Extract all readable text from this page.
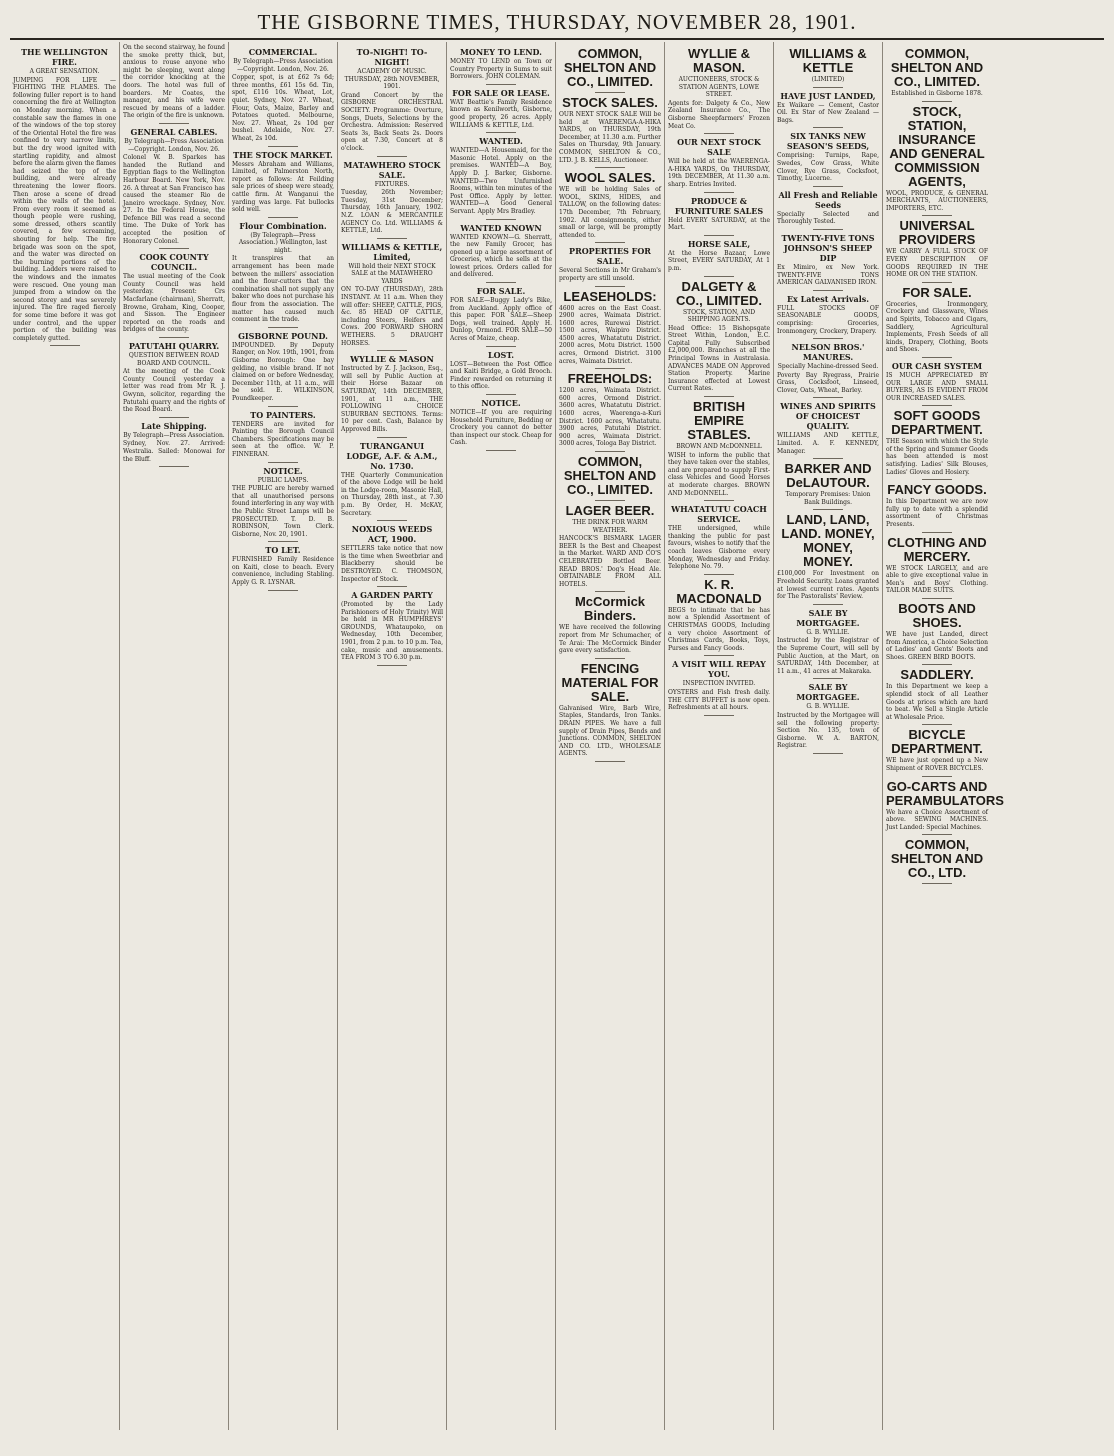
THE GISBORNE TIMES, THURSDAY, NOVEMBER 28, 1901.
THE WELLINGTON FIRE.
A GREAT SENSATION.
JUMPING FOR LIFE — FIGHTING THE FLAMES. The following fuller report is to hand concerning the fire at Wellington on Monday morning. When a constable saw the flames in one of the windows of the top storey of the Oriental Hotel the fire was confined to very narrow limits, but the dry wood ignited with startling rapidity, and almost before the alarm given the flames had seized the top of the building, and were already threatening the lower floors. Then arose a scene of dread within the walls of the hotel. From every room it seemed as though people were rushing, some dressed, others scantily covered, a few screaming, shouting for help. The fire brigade was soon on the spot, and the water was directed on the burning portions of the building. Ladders were raised to the windows and the inmates were rescued. One young man jumped from a window on the second storey and was severely injured. The fire raged fiercely for some time before it was got under control, and the upper portion of the building was completely gutted.
On the second stairway, he found the smoke pretty thick, but, anxious to rouse anyone who might be sleeping, went along the corridor knocking at the doors. The hotel was full of boarders. Mr Coates, the manager, and his wife were rescued by means of a ladder. The origin of the fire is unknown.
GENERAL CABLES.
By Telegraph—Press Association—Copyright. London, Nov. 26.
Colonel W. B. Sparkes has handed the Rutland and Egyptian flags to the Wellington Harbour Board. New York, Nov. 26. A threat at San Francisco has caused the steamer Rio de Janeiro wreckage. Sydney, Nov. 27. In the Federal House, the Defence Bill was read a second time. The Duke of York has accepted the position of Honorary Colonel.
COOK COUNTY COUNCIL.
The usual meeting of the Cook County Council was held yesterday. Present: Crs Macfarlane (chairman), Sherratt, Browne, Graham, King, Cooper, and Sisson. The Engineer reported on the roads and bridges of the county.
PATUTAHI QUARRY.
QUESTION BETWEEN ROAD BOARD AND COUNCIL.
At the meeting of the Cook County Council yesterday a letter was read from Mr R. J. Gwynn, solicitor, regarding the Patutahi quarry and the rights of the Road Board.
Late Shipping.
By Telegraph—Press Association.
Sydney, Nov. 27. Arrived: Westralia. Sailed: Monowai for the Bluff.
COMMERCIAL.
By Telegraph—Press Association—Copyright. London, Nov. 26.
Copper, spot, is at £62 7s 6d; three months, £61 15s 6d. Tin, spot, £116 10s. Wheat, Lot, quiet. Sydney, Nov. 27. Wheat, Flour, Oats, Maize, Barley and Potatoes quoted. Melbourne, Nov. 27. Wheat, 2s 10d per bushel. Adelaide, Nov. 27. Wheat, 2s 10d.
THE STOCK MARKET.
Messrs Abraham and Williams, Limited, of Palmerston North, report as follows: At Feilding sale prices of sheep were steady, cattle firm. At Wanganui the yarding was large. Fat bullocks sold well.
Flour Combination.
(By Telegraph—Press Association.) Wellington, last night.
It transpires that an arrangement has been made between the millers' association and the flour-cutters that the combination shall not supply any baker who does not purchase his flour from the association. The matter has caused much comment in the trade.
GISBORNE POUND.
IMPOUNDED. By Deputy Ranger, on Nov. 19th, 1901, from Gisborne Borough: One bay gelding, no visible brand. If not claimed on or before Wednesday, December 11th, at 11 a.m., will be sold. E. WILKINSON, Poundkeeper.
TO PAINTERS.
TENDERS are invited for Painting the Borough Council Chambers. Specifications may be seen at the office. W. P. FINNERAN.
NOTICE.
PUBLIC LAMPS.
THE PUBLIC are hereby warned that all unauthorised persons found interfering in any way with the Public Street Lamps will be PROSECUTED. T. D. B. ROBINSON, Town Clerk. Gisborne, Nov. 20, 1901.
TO LET.
FURNISHED Family Residence on Kaiti, close to beach. Every convenience, including Stabling. Apply G. R. LYSNAR.
TO-NIGHT! TO-NIGHT!
ACADEMY OF MUSIC. THURSDAY, 28th NOVEMBER, 1901.
Grand Concert by the GISBORNE ORCHESTRAL SOCIETY. Programme: Overture, Songs, Duets, Selections by the Orchestra. Admission: Reserved Seats 3s, Back Seats 2s. Doors open at 7.30, Concert at 8 o'clock.
MATAWHERO STOCK SALE.
FIXTURES.
Tuesday, 26th November; Tuesday, 31st December; Thursday, 16th January, 1902. N.Z. LOAN & MERCANTILE AGENCY Co. Ltd. WILLIAMS & KETTLE, Ltd.
WILLIAMS & KETTLE, Limited,
Will hold their NEXT STOCK SALE at the MATAWHERO YARDS
ON TO-DAY (THURSDAY), 28th INSTANT. At 11 a.m. When they will offer: SHEEP, CATTLE, PIGS, &c. 85 HEAD OF CATTLE, including Steers, Heifers and Cows. 200 FORWARD SHORN WETHERS. 5 DRAUGHT HORSES.
WYLLIE & MASON
Instructed by Z. J. Jackson, Esq., will sell by Public Auction at their Horse Bazaar on SATURDAY, 14th DECEMBER, 1901, at 11 a.m., THE FOLLOWING CHOICE SUBURBAN SECTIONS. Terms: 10 per cent. Cash, Balance by Approved Bills.
TURANGANUI LODGE, A.F. & A.M., No. 1730.
THE Quarterly Communication of the above Lodge will be held in the Lodge-room, Masonic Hall, on Thursday, 28th inst., at 7.30 p.m. By Order, H. McKAY, Secretary.
NOXIOUS WEEDS ACT, 1900.
SETTLERS take notice that now is the time when Sweetbriar and Blackberry should be DESTROYED. C. THOMSON, Inspector of Stock.
A GARDEN PARTY
(Promoted by the Lady Parishioners of Holy Trinity) Will be held in MR HUMPHREYS' GROUNDS, Whataupoko, on Wednesday, 10th December, 1901, from 2 p.m. to 10 p.m. Tea, cake, music and amusements. TEA FROM 3 TO 6.30 p.m.
MONEY TO LEND.
MONEY TO LEND on Town or Country Property in Sums to suit Borrowers. JOHN COLEMAN.
FOR SALE OR LEASE.
WAT Beattie's Family Residence known as Kenilworth, Gisborne, good property, 26 acres. Apply WILLIAMS & KETTLE, Ltd.
WANTED.
WANTED—A Housemaid, for the Masonic Hotel. Apply on the premises. WANTED—A Boy, Apply D. J. Barker, Gisborne. WANTED—Two Unfurnished Rooms, within ten minutes of the Post Office. Apply by letter. WANTED—A Good General Servant. Apply Mrs Bradley.
WANTED KNOWN
WANTED KNOWN—G. Sherratt, the new Family Grocer, has opened up a large assortment of Groceries, which he sells at the lowest prices. Orders called for and delivered.
FOR SALE.
FOR SALE—Buggy Lady's Bike, from Auckland. Apply office of this paper. FOR SALE—Sheep Dogs, well trained. Apply H. Dunlop, Ormond. FOR SALE—50 Acres of Maize, cheap.
LOST.
LOST—Between the Post Office and Kaiti Bridge, a Gold Brooch. Finder rewarded on returning it to this office.
NOTICE.
NOTICE—If you are requiring Household Furniture, Bedding or Crockery you cannot do better than inspect our stock. Cheap for Cash.
COMMON, SHELTON AND CO., LIMITED.
STOCK SALES.
OUR NEXT STOCK SALE Will be held at WAERENGA-A-HIKA YARDS, on THURSDAY, 19th December, at 11.30 a.m. Further Sales on Thursday, 9th January. COMMON, SHELTON & CO., LTD. J. B. KELLS, Auctioneer.
WOOL SALES.
WE will be holding Sales of WOOL, SKINS, HIDES, and TALLOW, on the following dates: 17th December, 7th February, 1902. All consignments, either small or large, will be promptly attended to.
PROPERTIES FOR SALE.
Several Sections in Mr Graham's property are still unsold.
LEASEHOLDS:
4600 acres on the East Coast. 2900 acres, Waimata District. 1600 acres, Rurewai District. 1500 acres, Waipiro District. 4500 acres, Whatatutu District. 2000 acres, Motu District. 1500 acres, Ormond District. 3100 acres, Waimata District.
FREEHOLDS:
1200 acres, Waimata District. 600 acres, Ormond District. 3600 acres, Whatatutu District. 1600 acres, Waerenga-a-Kuri District. 1600 acres, Whatatutu. 3900 acres, Patutahi District. 900 acres, Waimata District. 3000 acres, Tologa Bay District.
COMMON, SHELTON AND CO., LIMITED.
LAGER BEER.
THE DRINK FOR WARM WEATHER.
HANCOCK'S BISMARK LAGER BEER Is the Best and Cheapest in the Market. WARD AND CO'S CELEBRATED Bottled Beer. READ BROS.' Dog's Head Ale. OBTAINABLE FROM ALL HOTELS.
McCormick Binders.
WE have received the following report from Mr Schumacher, of Te Arai: The McCormick Binder gave every satisfaction.
FENCING MATERIAL FOR SALE.
Galvanised Wire, Barb Wire, Staples, Standards, Iron Tanks. DRAIN PIPES. We have a full supply of Drain Pipes, Bends and Junctions. COMMON, SHELTON AND CO. LTD., WHOLESALE AGENTS.
WYLLIE & MASON.
AUCTIONEERS, STOCK & STATION AGENTS, LOWE STREET.
Agents for: Dalgety & Co., New Zealand Insurance Co., The Gisborne Sheepfarmers' Frozen Meat Co.
OUR NEXT STOCK SALE
Will be held at the WAERENGA-A-HIKA YARDS, On THURSDAY, 19th DECEMBER, At 11.30 a.m. sharp. Entries Invited.
PRODUCE & FURNITURE SALES
Held EVERY SATURDAY, at the Mart.
HORSE SALE,
At the Horse Bazaar, Lowe Street, EVERY SATURDAY, At 1 p.m.
DALGETY & CO., LIMITED.
STOCK, STATION, AND SHIPPING AGENTS.
Head Office: 15 Bishopsgate Street Within, London, E.C. Capital Fully Subscribed £2,000,000. Branches at all the Principal Towns in Australasia. ADVANCES MADE ON Approved Station Property. Marine Insurance effected at Lowest Current Rates.
BRITISH EMPIRE STABLES.
BROWN AND McDONNELL
WISH to inform the public that they have taken over the stables, and are prepared to supply First-class Vehicles and Good Horses at moderate charges. BROWN AND McDONNELL.
WHATATUTU COACH SERVICE.
THE undersigned, while thanking the public for past favours, wishes to notify that the coach leaves Gisborne every Monday, Wednesday and Friday. Telephone No. 79.
K. R. MACDONALD
BEGS to intimate that he has now a Splendid Assortment of CHRISTMAS GOODS, Including a very choice Assortment of Christmas Cards, Books, Toys, Purses and Fancy Goods.
A VISIT WILL REPAY YOU.
INSPECTION INVITED.
OYSTERS and Fish fresh daily. THE CITY BUFFET is now open. Refreshments at all hours.
WILLIAMS & KETTLE
(LIMITED)
HAVE JUST LANDED,
Ex Waikare — Cement, Castor Oil. Ex Star of New Zealand — Bags.
SIX TANKS NEW SEASON'S SEEDS,
Comprising: Turnips, Rape, Swedes, Cow Grass, White Clover, Rye Grass, Cocksfoot, Timothy, Lucerne.
All Fresh and Reliable Seeds
Specially Selected and Thoroughly Tested.
TWENTY-FIVE TONS JOHNSON'S SHEEP DIP
Ex Mimiro, ex New York. TWENTY-FIVE TONS AMERICAN GALVANISED IRON.
Ex Latest Arrivals.
FULL STOCKS OF SEASONABLE GOODS, comprising: Groceries, Ironmongery, Crockery, Drapery.
NELSON BROS.' MANURES.
Specially Machine-dressed Seed.
Poverty Bay Ryegrass, Prairie Grass, Cocksfoot, Linseed, Clover, Oats, Wheat, Barley.
WINES AND SPIRITS OF CHOICEST QUALITY.
WILLIAMS AND KETTLE, Limited. A. F. KENNEDY, Manager.
BARKER AND DeLAUTOUR.
Temporary Premises: Union Bank Buildings.
LAND, LAND, LAND. MONEY, MONEY, MONEY.
£100,000 For Investment on Freehold Security. Loans granted at lowest current rates. Agents for The Pastoralists' Review.
SALE BY MORTGAGEE.
G. B. WYLLIE.
Instructed by the Registrar of the Supreme Court, will sell by Public Auction, at the Mart, on SATURDAY, 14th December, at 11 a.m., 41 acres at Makaraka.
SALE BY MORTGAGEE.
G. B. WYLLIE.
Instructed by the Mortgagee will sell the following property: Section No. 135, town of Gisborne. W. A. BARTON, Registrar.
COMMON, SHELTON AND CO., LIMITED.
Established in Gisborne 1878.
STOCK, STATION, INSURANCE AND GENERAL COMMISSION AGENTS,
WOOL, PRODUCE, & GENERAL MERCHANTS, AUCTIONEERS, IMPORTERS, ETC.
UNIVERSAL PROVIDERS
WE CARRY A FULL STOCK OF EVERY DESCRIPTION OF GOODS REQUIRED IN THE HOME OR ON THE STATION.
FOR SALE.
Groceries, Ironmongery, Crockery and Glassware, Wines and Spirits, Tobacco and Cigars, Saddlery, Agricultural Implements, Fresh Seeds of all kinds, Drapery, Clothing, Boots and Shoes.
OUR CASH SYSTEM
IS MUCH APPRECIATED BY OUR LARGE AND SMALL BUYERS, AS IS EVIDENT FROM OUR INCREASED SALES.
SOFT GOODS DEPARTMENT.
THE Season with which the Style of the Spring and Summer Goods has been attended is most satisfying. Ladies' Silk Blouses, Ladies' Gloves and Hosiery.
FANCY GOODS.
In this Department we are now fully up to date with a splendid assortment of Christmas Presents.
CLOTHING AND MERCERY.
WE STOCK LARGELY, and are able to give exceptional value in Men's and Boys' Clothing. TAILOR MADE SUITS.
BOOTS AND SHOES.
WE have just Landed, direct from America, a Choice Selection of Ladies' and Gents' Boots and Shoes. GREEN BIRD BOOTS.
SADDLERY.
In this Department we keep a splendid stock of all Leather Goods at prices which are hard to beat. We Sell a Single Article at Wholesale Price.
BICYCLE DEPARTMENT.
WE have just opened up a New Shipment of ROVER BICYCLES.
GO-CARTS AND PERAMBULATORS
We have a Choice Assortment of above. SEWING MACHINES. Just Landed: Special Machines.
COMMON, SHELTON AND CO., LTD.
